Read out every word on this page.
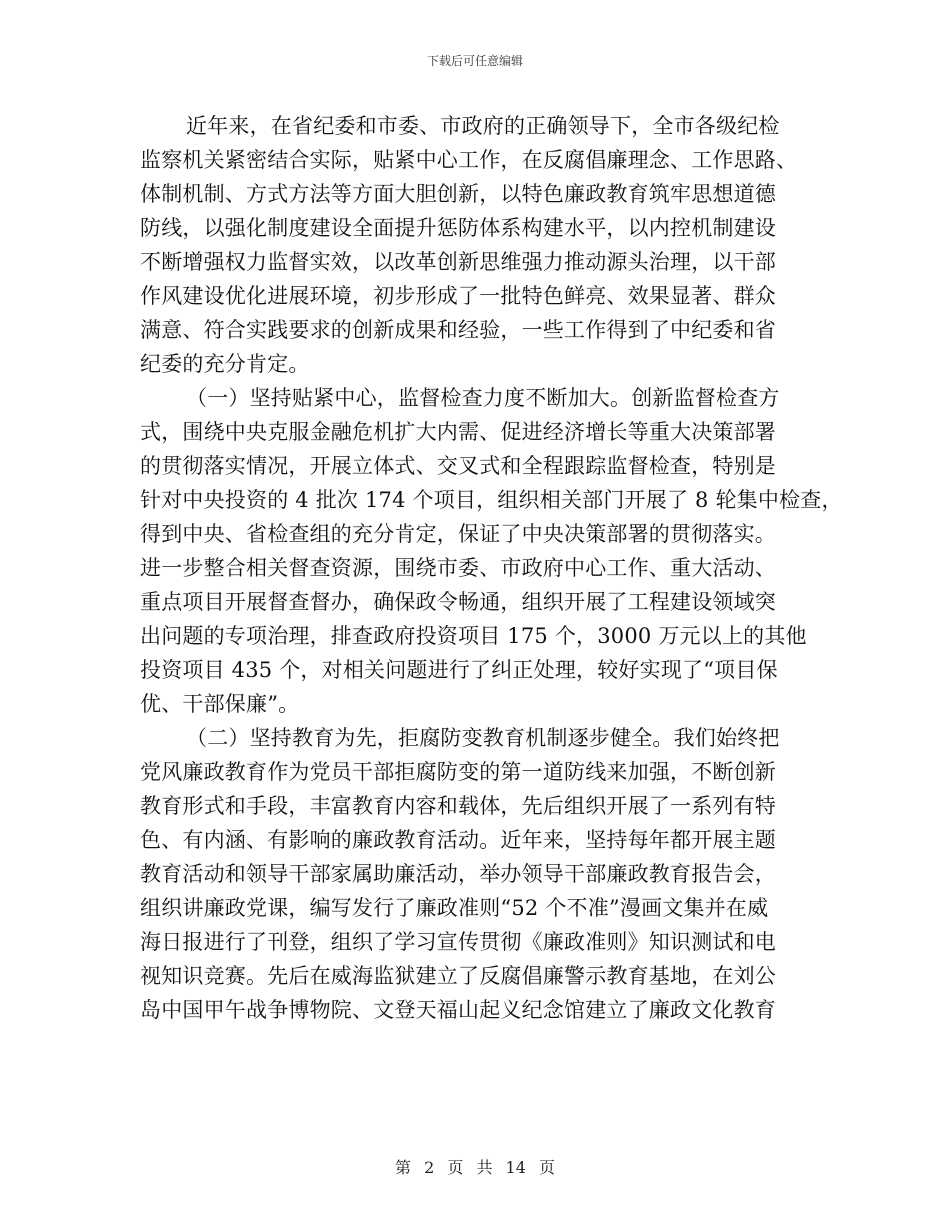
下载后可任意编辑
近年来，在省纪委和市委、市政府的正确领导下，全市各级纪检
监察机关紧密结合实际，贴紧中心工作，在反腐倡廉理念、工作思路、
体制机制、方式方法等方面大胆创新，以特色廉政教育筑牢思想道德
防线，以强化制度建设全面提升惩防体系构建水平，以内控机制建设
不断增强权力监督实效，以改革创新思维强力推动源头治理，以干部
作风建设优化进展环境，初步形成了一批特色鲜亮、效果显著、群众
满意、符合实践要求的创新成果和经验，一些工作得到了中纪委和省
纪委的充分肯定。
（一）坚持贴紧中心，监督检查力度不断加大。创新监督检查方
式，围绕中央克服金融危机扩大内需、促进经济增长等重大决策部署
的贯彻落实情况，开展立体式、交叉式和全程跟踪监督检查，特别是
针对中央投资的 4 批次 174 个项目，组织相关部门开展了 8 轮集中检查，
得到中央、省检查组的充分肯定，保证了中央决策部署的贯彻落实。
进一步整合相关督查资源，围绕市委、市政府中心工作、重大活动、
重点项目开展督查督办，确保政令畅通，组织开展了工程建设领域突
出问题的专项治理，排查政府投资项目 175 个，3000 万元以上的其他
投资项目 435 个，对相关问题进行了纠正处理，较好实现了“项目保
优、干部保廉”。
（二）坚持教育为先，拒腐防变教育机制逐步健全。我们始终把
党风廉政教育作为党员干部拒腐防变的第一道防线来加强，不断创新
教育形式和手段，丰富教育内容和载体，先后组织开展了一系列有特
色、有内涵、有影响的廉政教育活动。近年来，坚持每年都开展主题
教育活动和领导干部家属助廉活动，举办领导干部廉政教育报告会，
组织讲廉政党课，编写发行了廉政准则“52 个不准”漫画文集并在威
海日报进行了刊登，组织了学习宣传贯彻《廉政准则》知识测试和电
视知识竞赛。先后在威海监狱建立了反腐倡廉警示教育基地，在刘公
岛中国甲午战争博物院、文登天福山起义纪念馆建立了廉政文化教育
第 2 页 共 14 页
